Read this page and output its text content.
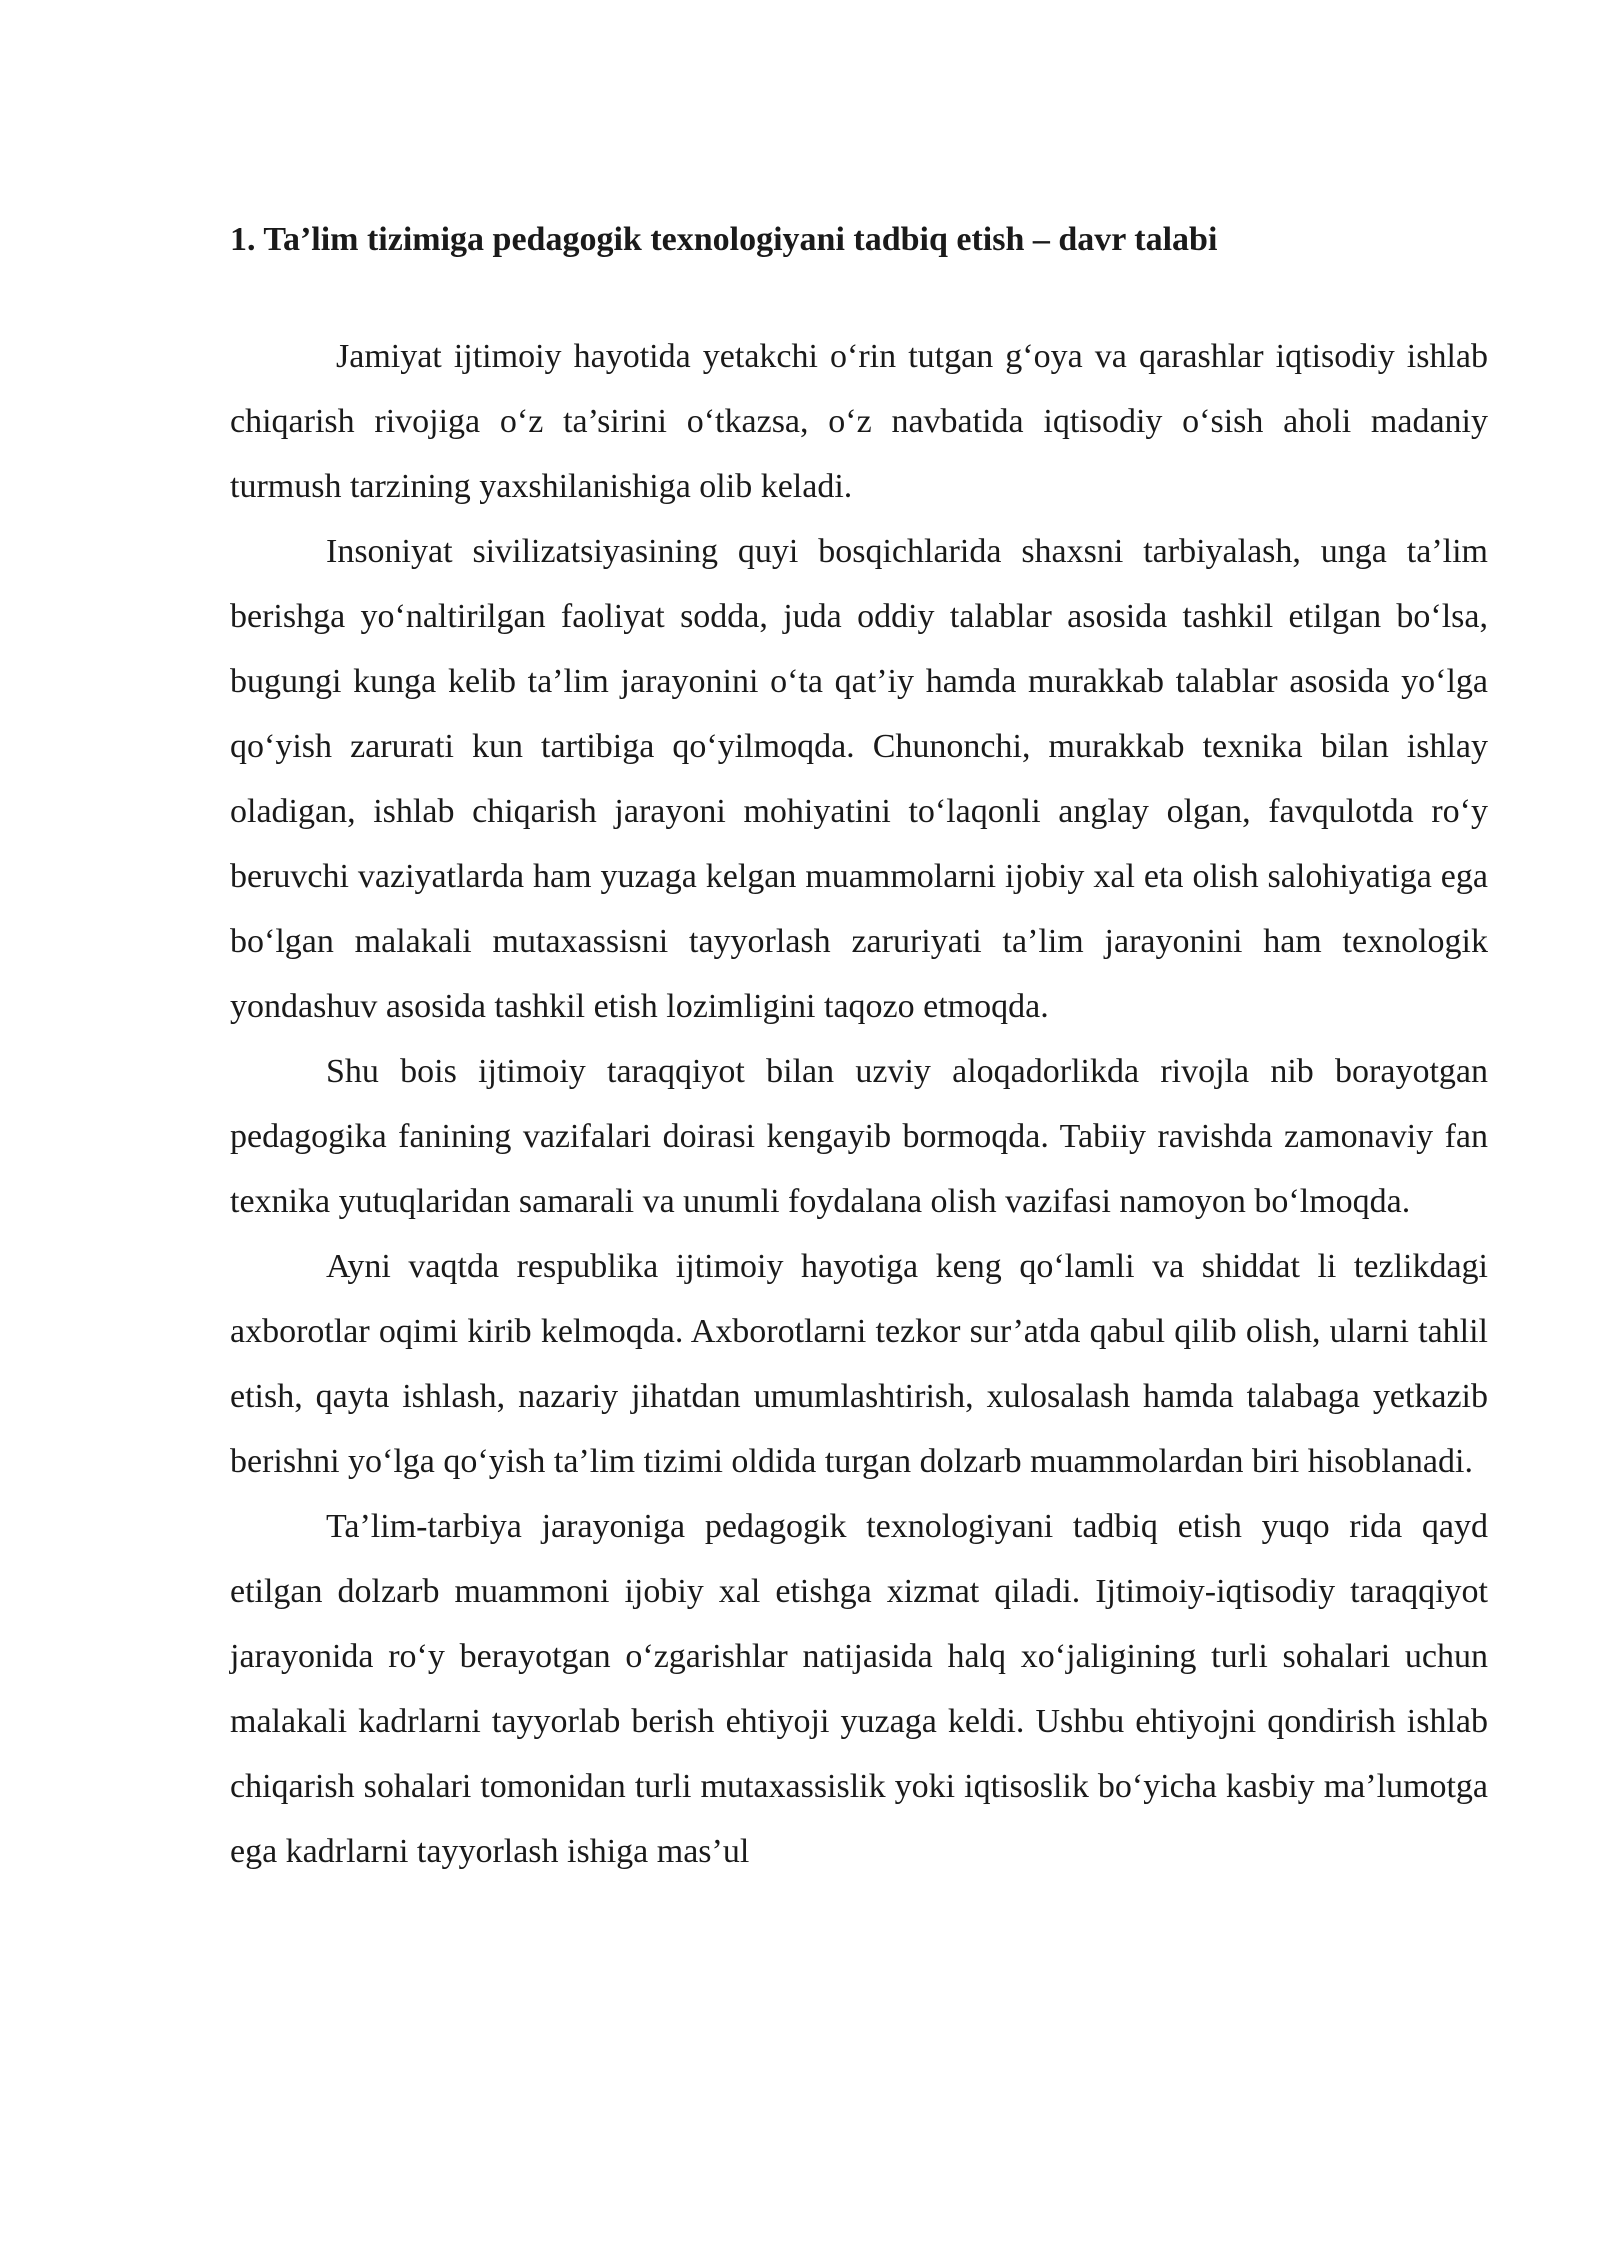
1. Ta’lim tizimiga pedagogik texnologiyani tadbiq etish – davr talabi

Jamiyat ijtimoiy hayotida yetakchi o‘rin tutgan g‘oya va qarashlar iqtisodiy ishlab chiqarish rivojiga o‘z ta’sirini o‘tkazsa, o‘z navbatida iqtisodiy o‘sish aholi madaniy turmush tarzining yaxshilanishiga olib keladi.

Insoniyat sivilizatsiyasining quyi bosqichlarida shaxsni tarbiyalash, unga ta’lim berishga yo‘naltirilgan faoliyat sodda, juda oddiy talablar asosida tashkil etilgan bo‘lsa, bugungi kunga kelib ta’lim jarayonini o‘ta qat’iy hamda murakkab talablar asosida yo‘lga qo‘yish zarurati kun tartibiga qo‘yilmoqda. Chunonchi, murakkab texnika bilan ishlay oladigan, ishlab chiqarish jarayoni mohiyatini to‘laqonli anglay olgan, favqulotda ro‘y beruvchi vaziyatlarda ham yuzaga kelgan muammolarni ijobiy xal eta olish salohiyatiga ega bo‘lgan malakali mutaxassisni tayyorlash zaruriyati ta’lim jarayonini ham texnologik yondashuv asosida tashkil etish lozimligini taqozo etmoqda.

Shu bois ijtimoiy taraqqiyot bilan uzviy aloqadorlikda rivojla nib borayotgan pedagogika fanining vazifalari doirasi kengayib bormoqda. Tabiiy ravishda zamonaviy fan texnika yutuqlaridan samarali va unumli foydalana olish vazifasi namoyon bo‘lmoqda.

Ayni vaqtda respublika ijtimoiy hayotiga keng qo‘lamli va shiddat li tezlikdagi axborotlar oqimi kirib kelmoqda. Axborotlarni tezkor sur’atda qabul qilib olish, ularni tahlil etish, qayta ishlash, nazariy jihatdan umumlashtirish, xulosalash hamda talabaga yetkazib berishni yo‘lga qo‘yish ta’lim tizimi oldida turgan dolzarb muammolardan biri hisoblanadi.

Ta’lim-tarbiya jarayoniga pedagogik texnologiyani tadbiq etish yuqo rida qayd etilgan dolzarb muammoni ijobiy xal etishga xizmat qiladi. Ijtimoiy-iqtisodiy taraqqiyot jarayonida ro‘y berayotgan o‘zgarishlar natijasida halq xo‘jaligining turli sohalari uchun malakali kadrlarni tayyorlab berish ehtiyoji yuzaga keldi. Ushbu ehtiyojni qondirish ishlab chiqarish sohalari tomonidan turli mutaxassislik yoki iqtisoslik bo‘yicha kasbiy ma’lumotga ega kadrlarni tayyorlash ishiga mas’ul
